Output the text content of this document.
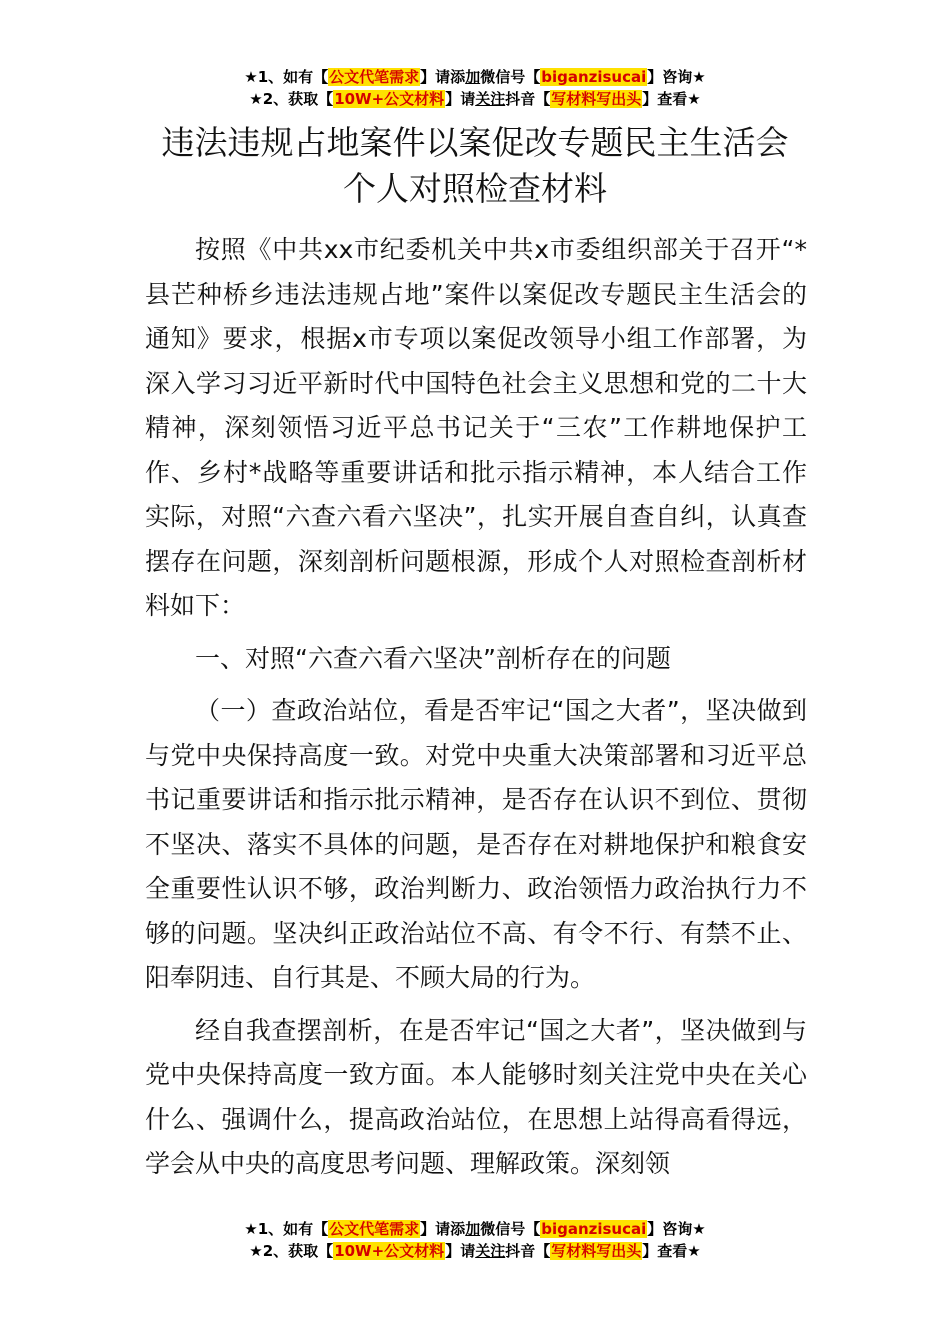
★1、如有【公文代笔需求】请添加微信号【biganzisucai】咨询★
★2、获取【10W+公文材料】请关注抖音【写材料写出头】查看★
违法违规占地案件以案促改专题民主生活会
个人对照检查材料

按照《中共xx市纪委机关中共x市委组织部关于召开“*县芒种桥乡违法违规占地”案件以案促改专题民主生活会的通知》要求，根据x市专项以案促改领导小组工作部署，为深入学习习近平新时代中国特色社会主义思想和党的二十大精神，深刻领悟习近平总书记关于“三农”工作耕地保护工作、乡村*战略等重要讲话和批示指示精神，本人结合工作实际，对照“六查六看六坚决”，扎实开展自查自纠，认真查摆存在问题，深刻剖析问题根源，形成个人对照检查剖析材料如下：

一、对照“六查六看六坚决”剖析存在的问题

（一）查政治站位，看是否牢记“国之大者”，坚决做到与党中央保持高度一致。对党中央重大决策部署和习近平总书记重要讲话和指示批示精神，是否存在认识不到位、贯彻不坚决、落实不具体的问题，是否存在对耕地保护和粮食安全重要性认识不够，政治判断力、政治领悟力政治执行力不够的问题。坚决纠正政治站位不高、有令不行、有禁不止、阳奉阴违、自行其是、不顾大局的行为。

经自我查摆剖析，在是否牢记“国之大者”，坚决做到与党中央保持高度一致方面。本人能够时刻关注党中央在关心什么、强调什么，提高政治站位，在思想上站得高看得远，学会从中央的高度思考问题、理解政策。深刻领

★1、如有【公文代笔需求】请添加微信号【biganzisucai】咨询★
★2、获取【10W+公文材料】请关注抖音【写材料写出头】查看★
